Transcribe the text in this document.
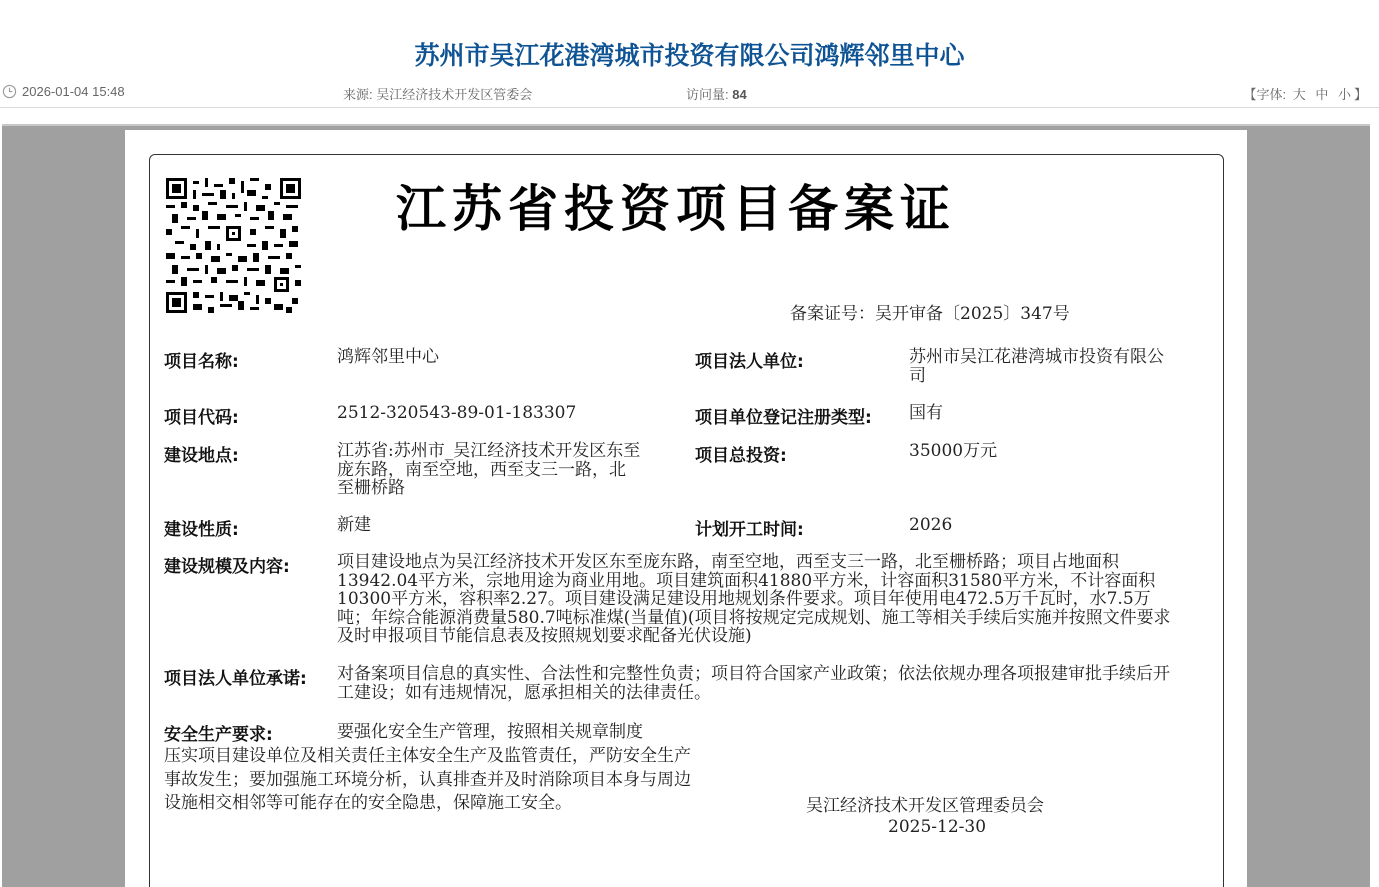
苏州市吴江花港湾城市投资有限公司鸿辉邻里中心
2026-01-04 15:48	来源: 吴江经济技术开发区管委会	访问量: 84	【字体: 大 中 小 】
江苏省投资项目备案证
备案证号：吴开审备〔2025〕347号
项目名称:	鸿辉邻里中心	项目法人单位:	苏州市吴江花港湾城市投资有限公司
项目代码:	2512-320543-89-01-183307	项目单位登记注册类型: 国有
建设地点:	江苏省:苏州市_吴江经济技术开发区东至庞东路，南至空地，西至支三一路，北至栅桥路
项目总投资:	35000万元
建设性质:	新建	计划开工时间:	2026
建设规模及内容:	项目建设地点为吴江经济技术开发区东至庞东路，南至空地，西至支三一路，北至栅桥路；项目占地面积13942.04平方米，宗地用途为商业用地。项目建筑面积41880平方米，计容面积31580平方米，不计容面积10300平方米，容积率2.27。项目建设满足建设用地规划条件要求。项目年使用电472.5万千瓦时，水7.5万吨；年综合能源消费量580.7吨标准煤(当量值)(项目将按规定完成规划、施工等相关手续后实施并按照文件要求及时申报项目节能信息表及按照规划要求配备光伏设施)
项目法人单位承诺: 对备案项目信息的真实性、合法性和完整性负责；项目符合国家产业政策；依法依规办理各项报建审批手续后开工建设；如有违规情况，愿承担相关的法律责任。
安全生产要求:	要强化安全生产管理，按照相关规章制度
压实项目建设单位及相关责任主体安全生产及监管责任，严防安全生产事故发生；要加强施工环境分析，认真排查并及时消除项目本身与周边设施相交相邻等可能存在的安全隐患，保障施工安全。	吴江经济技术开发区管理委员会
2025-12-30
